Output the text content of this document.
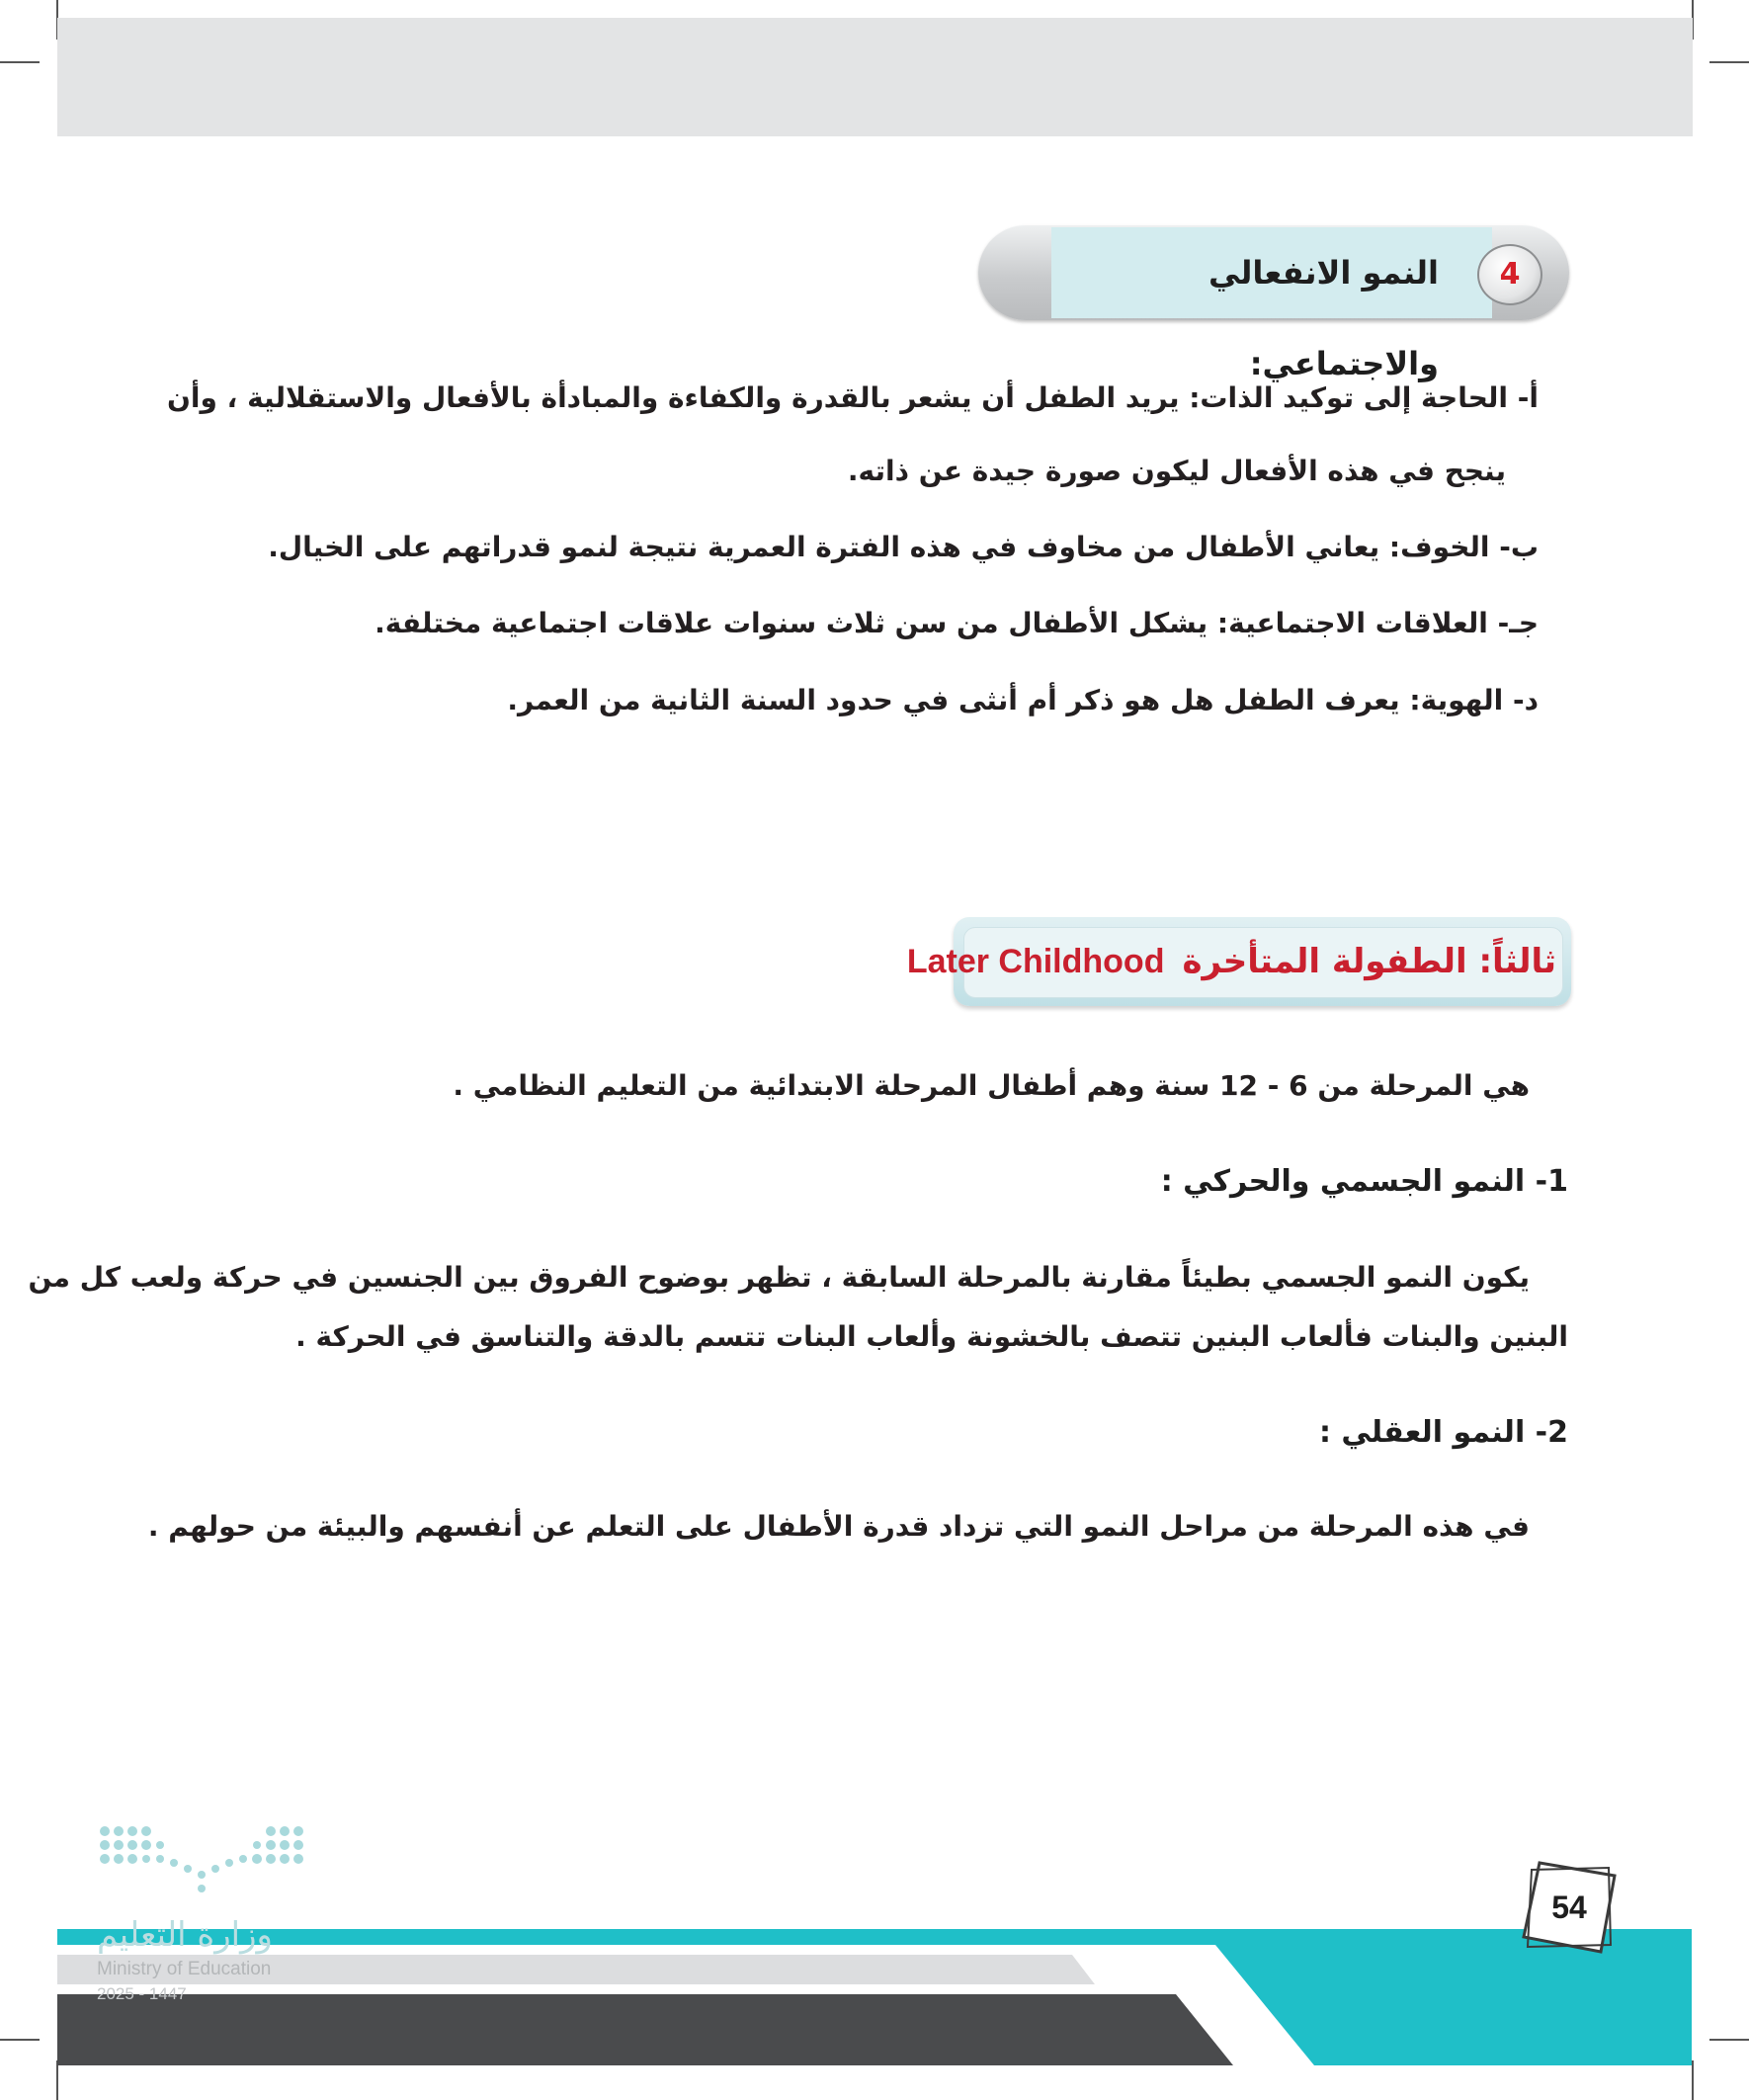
النمو الانفعالي والاجتماعي:
4
أ- الحاجة إلى توكيد الذات: يريد الطفل أن يشعر بالقدرة والكفاءة والمبادأة بالأفعال والاستقلالية ، وأن
ينجح في هذه الأفعال ليكون صورة جيدة عن ذاته.
ب- الخوف: يعاني الأطفال من مخاوف في هذه الفترة العمرية نتيجة لنمو قدراتهم على الخيال.
جـ- العلاقات الاجتماعية: يشكل الأطفال من سن ثلاث سنوات علاقات اجتماعية مختلفة.
د- الهوية: يعرف الطفل هل هو ذكر أم أنثى في حدود السنة الثانية من العمر.
ثالثاً: الطفولة المتأخرةLater Childhood
هي المرحلة من 6 - 12 سنة وهم أطفال المرحلة الابتدائية من التعليم النظامي .
1- النمو الجسمي والحركي :
يكون النمو الجسمي بطيئاً مقارنة بالمرحلة السابقة ، تظهر بوضوح الفروق بين الجنسين في حركة ولعب كل من
البنين والبنات فألعاب البنين تتصف بالخشونة وألعاب البنات تتسم بالدقة والتناسق في الحركة .
2- النمو العقلي :
في هذه المرحلة من مراحل النمو التي تزداد قدرة الأطفال على التعلم عن أنفسهم والبيئة من حولهم .
وزارة التعليم
Ministry of Education
2025 - 1447
54
